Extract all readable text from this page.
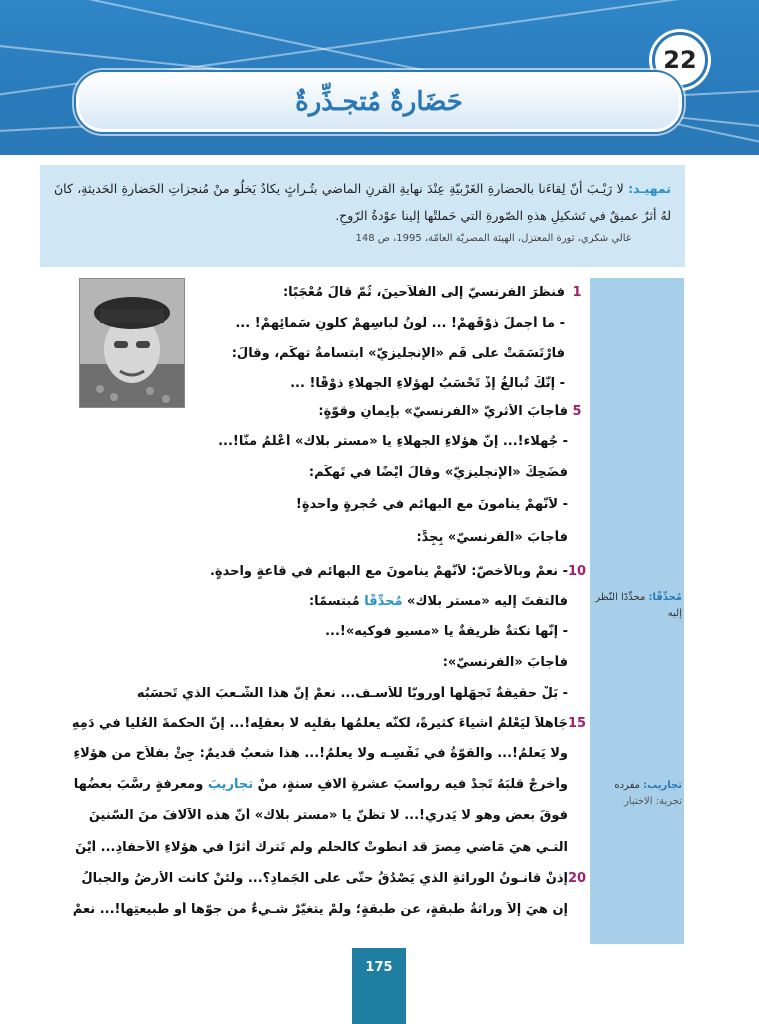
22
حَضَارةٌ مُتجـذِّرةٌ

تمهيـد: لا رَيْـبَ أنّ لِقاءَنا بالحضارةِ الغَرْبيّةِ عِنْدَ نهايةِ القرنِ الماضي بتُـراثٍ يكادُ يَخلُو منْ مُنجزاتِ الحَضارةِ الحَديثةِ، كانَ لهُ أثرٌ عميقٌ في تَشكيلِ هذهِ الصّورةِ التي حَملتْها إلينا عوْدةُ الرّوحِ.

غالي شكري، ثورة المعتزل، الهيئة المصريّة العامّة، 1995، ص 148

مُحدِّقًا: محدِّدًا النّظر إليه
تجاريب: مفرده
تجربة: الاختبار
1
5
10
15
20
فنظرَ الفرنسيّ إلى الفلاّحينَ، ثُمّ قالَ مُعْجَبًا:
- ما أجملَ ذوْقَهمْ! ... لَونُ لباسِهمْ كلونِ سَمائِهمْ! ...
فارْتَسَمَتْ على فَمِ «الإنجليزيّ» ابتسامةُ تهكّمٍ، وقالَ:
- إنّكَ تُبالغُ إذْ تَحْسَبُ لهؤلاءِ الجهلاءِ ذوْقًا! ...
فأجابَ الأثريّ «الفرنسيّ» بإيمانٍ وقوّةٍ:
- جُهلاء!... إنّ هؤلاءِ الجهلاءِ يا «مستر بلاك» أعْلَمُ منّا!...
فضَحِكَ «الإنجليزيّ» وقالَ أيْضًا في تَهكّمٍ:
- لأنّهمْ ينامونَ مع البهائمِ في حُجرةٍ واحدةٍ!
فأجابَ «الفرنسيّ» بِجِدٍّ:
- نعمْ وبالأخصّ: لأنّهمْ ينامونَ مع البهائمِ في قاعةٍ واحدةٍ.
فالتفتَ إليه «مستر بلاك» مُحدِّقًا مُبتسمًا:
- إنّها نكتةٌ ظريفةٌ يا «مسيو فوكيه»!...
فأجابَ «الفرنسيّ»:
- بَلْ حقيقةٌ تَجهَلُها أوروبّا للأسـف... نعمْ إنّ هذا الشّـعبَ الذي تَحسَبُه
جَاهلاً لَيَعْلَمُ أشياءَ كثيرةً، لكنّه يعلمُها بقلبِه لا بعقلِه!... إنّ الحكمةَ العُليا في دَمِهِ
ولا يَعلمُ!... والقوّةُ في نَفْسِـه ولا يعلمُ!... هذا شعبٌ قديمٌ: جِئْ بفلاّحٍ من هؤلاءِ
وأخرِجْ قلبَهُ تَجدْ فيه رواسبَ عشرةِ آلافِ سنةٍ، منْ تجاريبَ ومعرفةٍ رسَّبَ بعضُها
فوقَ بعضٍ وهو لا يَدري!... لا تظنّ يا «مستر بلاك» أنّ هذه الآلافَ منَ السّنينَ
التـي هيَ مَاضي مِصرَ قد انطوتْ كالحلمِ ولم تَترك أثرًا في هؤلاءِ الأحفادِ... أيْنَ
إذنْ قانـونُ الوراثةِ الّذي يَصْدُقُ حتّى على الجَمادِ؟... ولئنْ كانت الأرضُ والجبالُ
إن هيَ إلاّ وِراثةُ طبقةٍ، عن طبقةٍ؛ ولمْ يتغيّرْ شـيءٌ من جوّها أو طبيعتِها!... نعمْ
175
